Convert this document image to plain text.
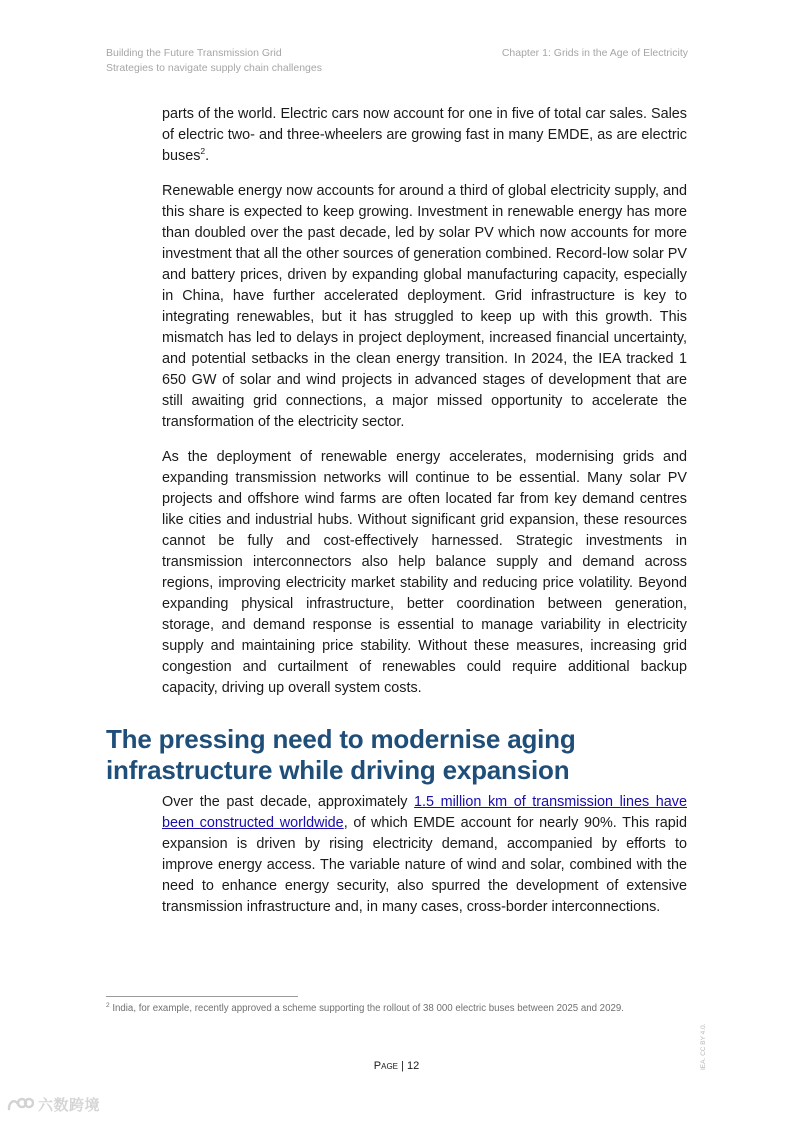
Building the Future Transmission Grid
Strategies to navigate supply chain challenges
Chapter 1: Grids in the Age of Electricity

parts of the world. Electric cars now account for one in five of total car sales. Sales of electric two- and three-wheelers are growing fast in many EMDE, as are electric buses$^2$.

Renewable energy now accounts for around a third of global electricity supply, and this share is expected to keep growing. Investment in renewable energy has more than doubled over the past decade, led by solar PV which now accounts for more investment that all the other sources of generation combined. Record-low solar PV and battery prices, driven by expanding global manufacturing capacity, especially in China, have further accelerated deployment. Grid infrastructure is key to integrating renewables, but it has struggled to keep up with this growth. This mismatch has led to delays in project deployment, increased financial uncertainty, and potential setbacks in the clean energy transition. In 2024, the IEA tracked 1 650 GW of solar and wind projects in advanced stages of development that are still awaiting grid connections, a major missed opportunity to accelerate the transformation of the electricity sector.

As the deployment of renewable energy accelerates, modernising grids and expanding transmission networks will continue to be essential. Many solar PV projects and offshore wind farms are often located far from key demand centres like cities and industrial hubs. Without significant grid expansion, these resources cannot be fully and cost-effectively harnessed. Strategic investments in transmission interconnectors also help balance supply and demand across regions, improving electricity market stability and reducing price volatility. Beyond expanding physical infrastructure, better coordination between generation, storage, and demand response is essential to manage variability in electricity supply and maintaining price stability. Without these measures, increasing grid congestion and curtailment of renewables could require additional backup capacity, driving up overall system costs.

The pressing need to modernise aging infrastructure while driving expansion

Over the past decade, approximately 1.5 million km of transmission lines have been constructed worldwide, of which EMDE account for nearly 90%. This rapid expansion is driven by rising electricity demand, accompanied by efforts to improve energy access. The variable nature of wind and solar, combined with the need to enhance energy security, also spurred the development of extensive transmission infrastructure and, in many cases, cross-border interconnections.

$^2$ India, for example, recently approved a scheme supporting the rollout of 38 000 electric buses between 2025 and 2029.
IEA. CC BY 4.0.
Page | 12
六数跨境
